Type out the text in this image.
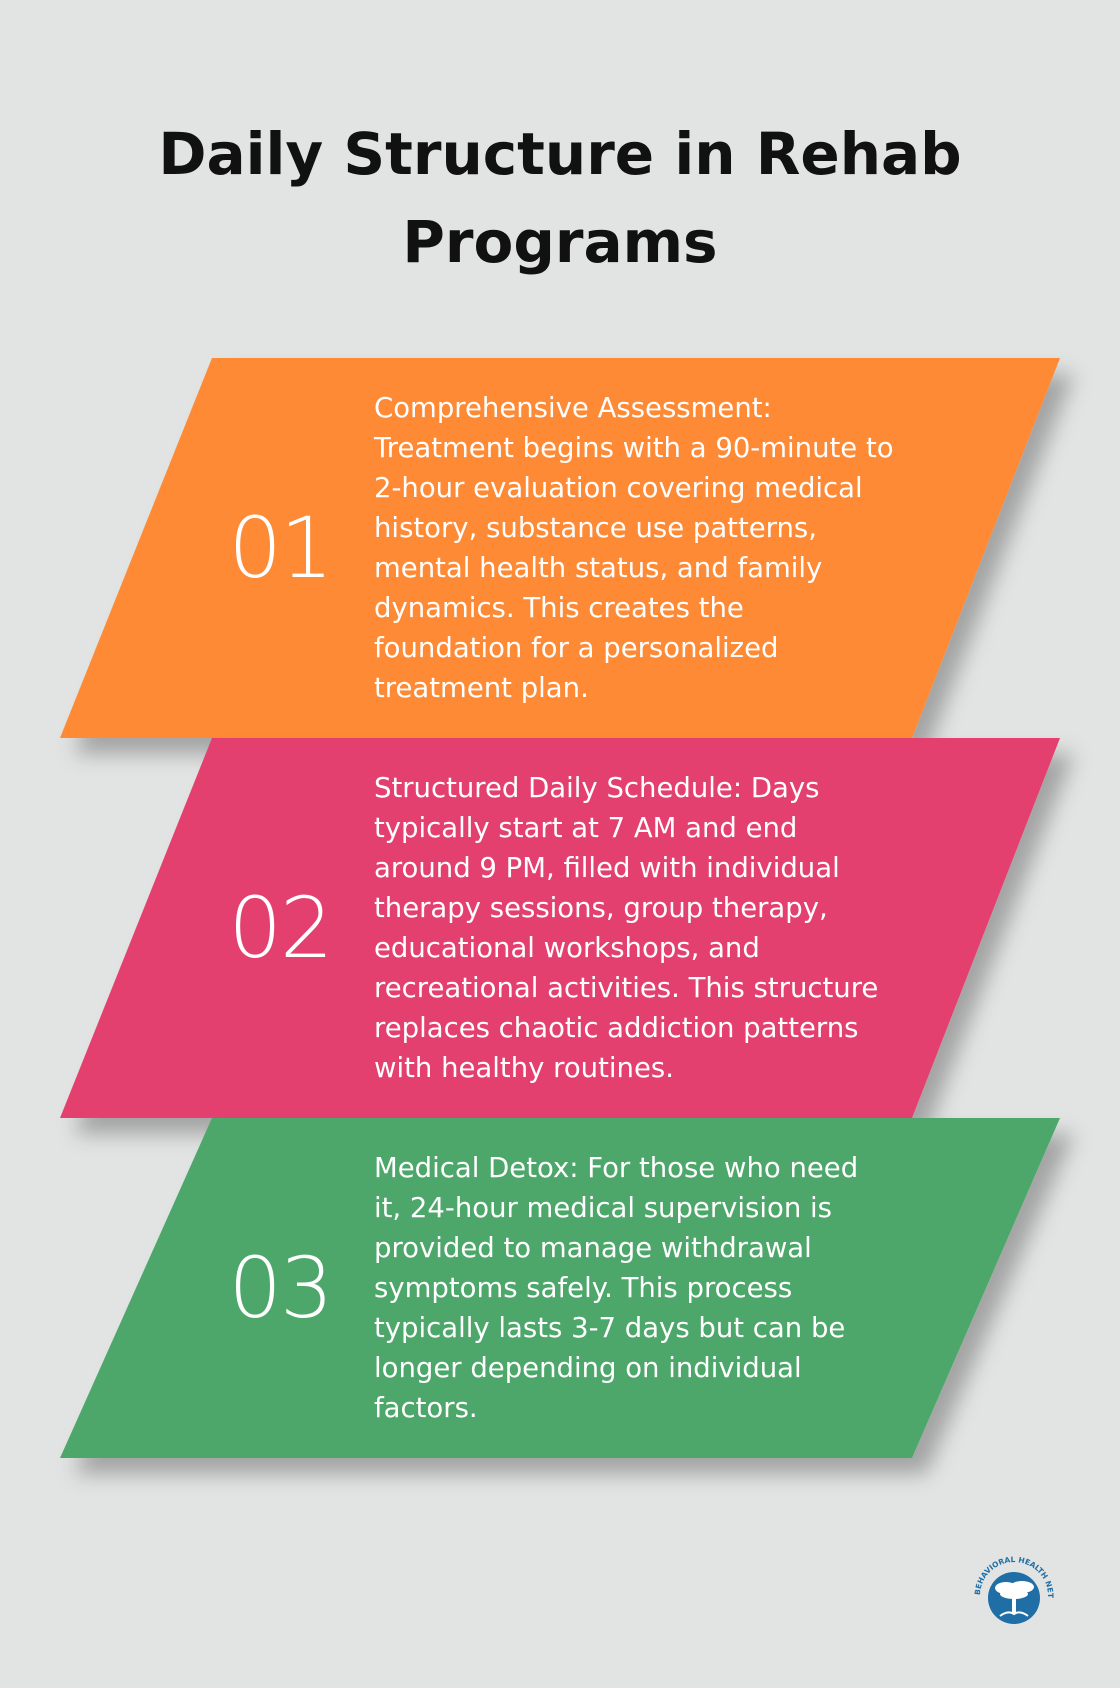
Daily Structure in Rehab
Programs
01
Comprehensive Assessment: Treatment begins with a 90-minute to 2-hour evaluation covering medical history, substance use patterns, mental health status, and family dynamics. This creates the foundation for a personalized treatment plan.
02
Structured Daily Schedule: Days typically start at 7 AM and end around 9 PM, filled with individual therapy sessions, group therapy, educational workshops, and recreational activities. This structure replaces chaotic addiction patterns with healthy routines.
03
Medical Detox: For those who need it, 24-hour medical supervision is provided to manage withdrawal symptoms safely. This process typically lasts 3-7 days but can be longer depending on individual factors.
BEHAVIORAL HEALTH NET
